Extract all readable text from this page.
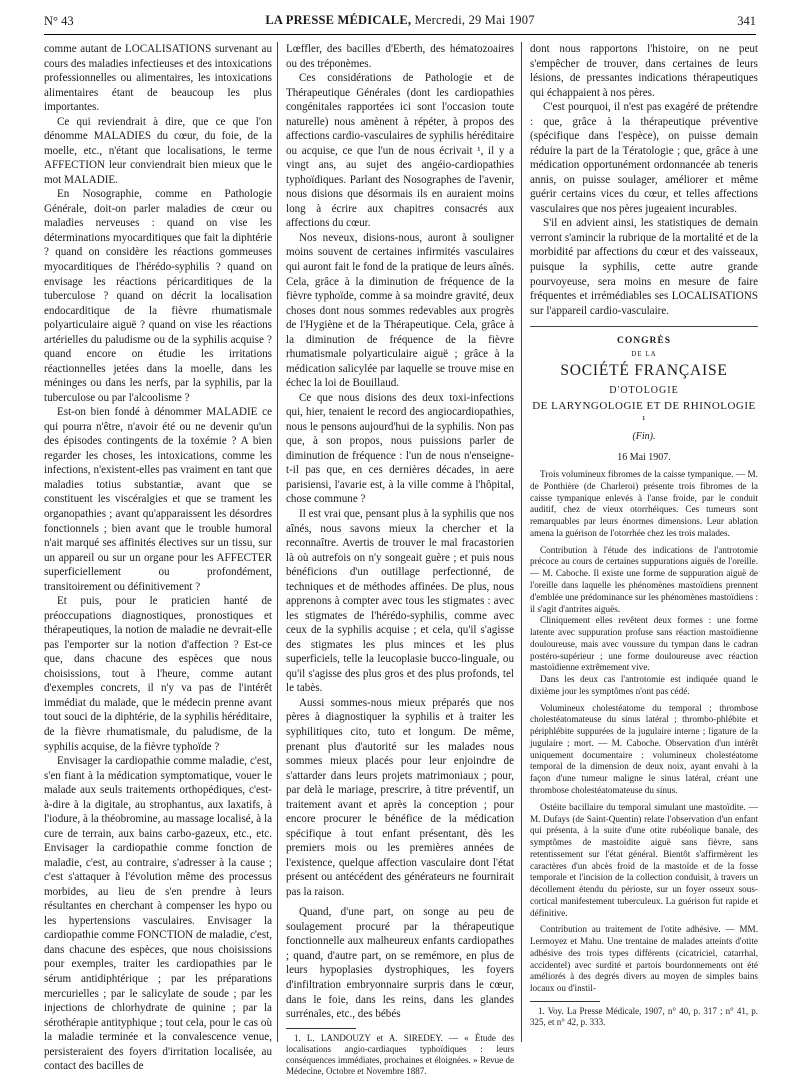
N° 43	LA PRESSE MÉDICALE, Mercredi, 29 Mai 1907	341

comme autant de LOCALISATIONS survenant au cours des maladies infectieuses et des intoxications professionnelles ou alimentaires, les intoxications alimentaires étant de beaucoup les plus importantes.

Ce qui reviendrait à dire, que ce que l'on dénomme MALADIES du cœur, du foie, de la moelle, etc., n'étant que localisations, le terme AFFECTION leur conviendrait bien mieux que le mot MALADIE.

En Nosographie, comme en Pathologie Générale, doit-on parler maladies de cœur ou maladies nerveuses : quand on vise les déterminations myocarditiques que fait la diphtérie ? quand on considère les réactions gommeuses myocarditiques de l'hérédo-syphilis ? quand on envisage les réactions péricarditiques de la tuberculose ? quand on décrit la localisation endocarditique de la fièvre rhumatismale polyarticulaire aiguë ? quand on vise les réactions artérielles du paludisme ou de la syphilis acquise ? quand encore on étudie les irritations réactionnelles jetées dans la moelle, dans les méninges ou dans les nerfs, par la syphilis, par la tuberculose ou par l'alcoolisme ?

Est-on bien fondé à dénommer MALADIE ce qui pourra n'être, n'avoir été ou ne devenir qu'un des épisodes contingents de la toxémie ? A bien regarder les choses, les intoxications, comme les infections, n'existent-elles pas vraiment en tant que maladies totius substantiæ, avant que se constituent les viscéralgies et que se trament les organopathies ; avant qu'apparaissent les désordres fonctionnels ; bien avant que le trouble humoral n'ait marqué ses affinités électives sur un tissu, sur un appareil ou sur un organe pour les AFFECTER superficiellement ou profondément, transitoirement ou définitivement ?

Et puis, pour le praticien hanté de préoccupations diagnostiques, pronostiques et thérapeutiques, la notion de maladie ne devrait-elle pas l'emporter sur la notion d'affection ? Est-ce que, dans chacune des espèces que nous choisissions, tout à l'heure, comme autant d'exemples concrets, il n'y va pas de l'intérêt immédiat du malade, que le médecin prenne avant tout souci de la diphtérie, de la syphilis héréditaire, de la fièvre rhumatismale, du paludisme, de la syphilis acquise, de la fièvre typhoïde ?

Envisager la cardiopathie comme maladie, c'est, s'en fiant à la médication symptomatique, vouer le malade aux seuls traitements orthopédiques, c'est-à-dire à la digitale, au strophantus, aux laxatifs, à l'iodure, à la théobromine, au massage localisé, à la cure de terrain, aux bains carbo-gazeux, etc., etc. Envisager la cardiopathie comme fonction de maladie, c'est, au contraire, s'adresser à la cause ; c'est s'attaquer à l'évolution même des processus morbides, au lieu de s'en prendre à leurs résultantes en cherchant à compenser les hypo ou les hypertensions vasculaires. Envisager la cardiopathie comme FONCTION de maladie, c'est, dans chacune des espèces, que nous choisissions pour exemples, traiter les cardiopathies par le sérum antidiphtérique ; par les préparations mercurielles ; par le salicylate de soude ; par les injections de chlorhydrate de quinine ; par la sérothérapie antityphique ; tout cela, pour le cas où la maladie terminée et la convalescence venue, persisteraient des foyers d'irritation localisée, au contact des bacilles de

Lœffler, des bacilles d'Eberth, des hématozoaires ou des tréponèmes.

Ces considérations de Pathologie et de Thérapeutique Générales (dont les cardiopathies congénitales rapportées ici sont l'occasion toute naturelle) nous amènent à répéter, à propos des affections cardio-vasculaires de syphilis héréditaire ou acquise, ce que l'un de nous écrivait ¹, il y a vingt ans, au sujet des angéio-cardiopathies typhoïdiques. Parlant des Nosographes de l'avenir, nous disions que désormais ils en auraient moins long à écrire aux chapitres consacrés aux affections du cœur.

Nos neveux, disions-nous, auront à souligner moins souvent de certaines infirmités vasculaires qui auront fait le fond de la pratique de leurs aînés. Cela, grâce à la diminution de fréquence de la fièvre typhoïde, comme à sa moindre gravité, deux choses dont nous sommes redevables aux progrès de l'Hygiène et de la Thérapeutique. Cela, grâce à la diminution de fréquence de la fièvre rhumatismale polyarticulaire aiguë ; grâce à la médication salicylée par laquelle se trouve mise en échec la loi de Bouillaud.

Ce que nous disions des deux toxi-infections qui, hier, tenaient le record des angiocardiopathies, nous le pensons aujourd'hui de la syphilis. Non pas que, à son propos, nous puissions parler de diminution de fréquence : l'un de nous n'enseigne-t-il pas que, en ces dernières décades, in aere parisiensi, l'avarie est, à la ville comme à l'hôpital, chose commune ?

Il est vrai que, pensant plus à la syphilis que nos aînés, nous savons mieux la chercher et la reconnaître. Avertis de trouver le mal fracastorien là où autrefois on n'y songeait guère ; et puis nous bénéficions d'un outillage perfectionné, de techniques et de méthodes affinées. De plus, nous apprenons à compter avec tous les stigmates : avec les stigmates de l'hérédo-syphilis, comme avec ceux de la syphilis acquise ; et cela, qu'il s'agisse des stigmates les plus minces et les plus superficiels, telle la leucoplasie bucco-linguale, ou qu'il s'agisse des plus gros et des plus profonds, tel le tabès.

Aussi sommes-nous mieux préparés que nos pères à diagnostiquer la syphilis et à traiter les syphilitiques cito, tuto et longum. De même, prenant plus d'autorité sur les malades nous sommes mieux placés pour leur enjoindre de s'attarder dans leurs projets matrimoniaux ; pour, par delà le mariage, prescrire, à titre préventif, un traitement avant et après la conception ; pour encore procurer le bénéfice de la médication spécifique à tout enfant présentant, dès les premiers mois ou les premières années de l'existence, quelque affection vasculaire dont l'état présent ou antécédent des générateurs ne fournirait pas la raison.

Quand, d'une part, on songe au peu de soulagement procuré par la thérapeutique fonctionnelle aux malheureux enfants cardiopathes ; quand, d'autre part, on se remémore, en plus de leurs hypoplasies dystrophiques, les foyers d'infiltration embryonnaire surpris dans le cœur, dans le foie, dans les reins, dans les glandes surrénales, etc., des bébés

1. L. LANDOUZY et A. SIREDEY. — « Étude des localisations angio-cardiaques typhoïdiques : leurs conséquences immédiates, prochaines et éloignées. » Revue de Médecine, Octobre et Novembre 1887.

dont nous rapportons l'histoire, on ne peut s'empêcher de trouver, dans certaines de leurs lésions, de pressantes indications thérapeutiques qui échappaient à nos pères.

C'est pourquoi, il n'est pas exagéré de prétendre : que, grâce à la thérapeutique préventive (spécifique dans l'espèce), on puisse demain réduire la part de la Tératologie ; que, grâce à une médication opportunément ordonnancée ab teneris annis, on puisse soulager, améliorer et même guérir certains vices du cœur, et telles affections vasculaires que nos pères jugeaient incurables.

S'il en advient ainsi, les statistiques de demain verront s'amincir la rubrique de la mortalité et de la morbidité par affections du cœur et des vaisseaux, puisque la syphilis, cette autre grande pourvoyeuse, sera moins en mesure de faire fréquentes et irrémédiables ses LOCALISATIONS sur l'appareil cardio-vasculaire.

CONGRÈS
DE LA
SOCIÉTÉ FRANÇAISE
D'OTOLOGIE
DE LARYNGOLOGIE ET DE RHINOLOGIE ¹
(Fin).
16 Mai 1907.

Trois volumineux fibromes de la caisse tympanique. — M. de Ponthière (de Charleroi) présente trois fibromes de la caisse tympanique enlevés à l'anse froide, par le conduit auditif, chez de vieux otorrhéiques. Ces tumeurs sont remarquables par leurs énormes dimensions. Leur ablation amena la guérison de l'otorrhée chez les trois malades.

Contribution à l'étude des indications de l'antrotomie précoce au cours de certaines suppurations aiguës de l'oreille. — M. Caboche. Il existe une forme de suppuration aiguë de l'oreille dans laquelle les phénomènes mastoïdiens prennent d'emblée une prédominance sur les phénomènes mastoïdiens : il s'agit d'antrites aiguës.

Cliniquement elles revêtent deux formes : une forme latente avec suppuration profuse sans réaction mastoïdienne douloureuse, mais avec voussure du tympan dans le cadran postéro-supérieur ; une forme douloureuse avec réaction mastoïdienne extrêmement vive.

Dans les deux cas l'antrotomie est indiquée quand le dixième jour les symptômes n'ont pas cédé.

Volumineux cholestéatome du temporal ; thrombose cholestéatomateuse du sinus latéral ; thrombo-phlébite et périphlébite suppurées de la jugulaire interne ; ligature de la jugulaire ; mort. — M. Caboche. Observation d'un intérêt uniquement documentaire : volumineux cholestéatome temporal de la dimension de deux noix, ayant envahi à la façon d'une tumeur maligne le sinus latéral, créant une thrombose cholestéatomateuse du sinus.

Ostéite bacillaire du temporal simulant une mastoïdite. — M. Dufays (de Saint-Quentin) relate l'observation d'un enfant qui présenta, à la suite d'une otite rubéolique banale, des symptômes de mastoïdite aiguë sans fièvre, sans retentissement sur l'état général. Bientôt s'affirmèrent les caractères d'un abcès froid de la mastoïde et de la fosse temporale et l'incision de la collection conduisit, à travers un décollement étendu du périoste, sur un foyer osseux sous-cortical manifestement tuberculeux. La guérison fut rapide et définitive.

Contribution au traitement de l'otite adhésive. — MM. Lermoyez et Mahu. Une trentaine de malades atteints d'otite adhésive des trois types différents (cicatriciel, catarrhal, accidentel) avec surdité et partois bourdonnements ont été améliorés à des degrés divers au moyen de simples bains locaux ou d'instil-

1. Voy. La Presse Médicale, 1907, n° 40, p. 317 ; n° 41, p. 325, et n° 42, p. 333.
